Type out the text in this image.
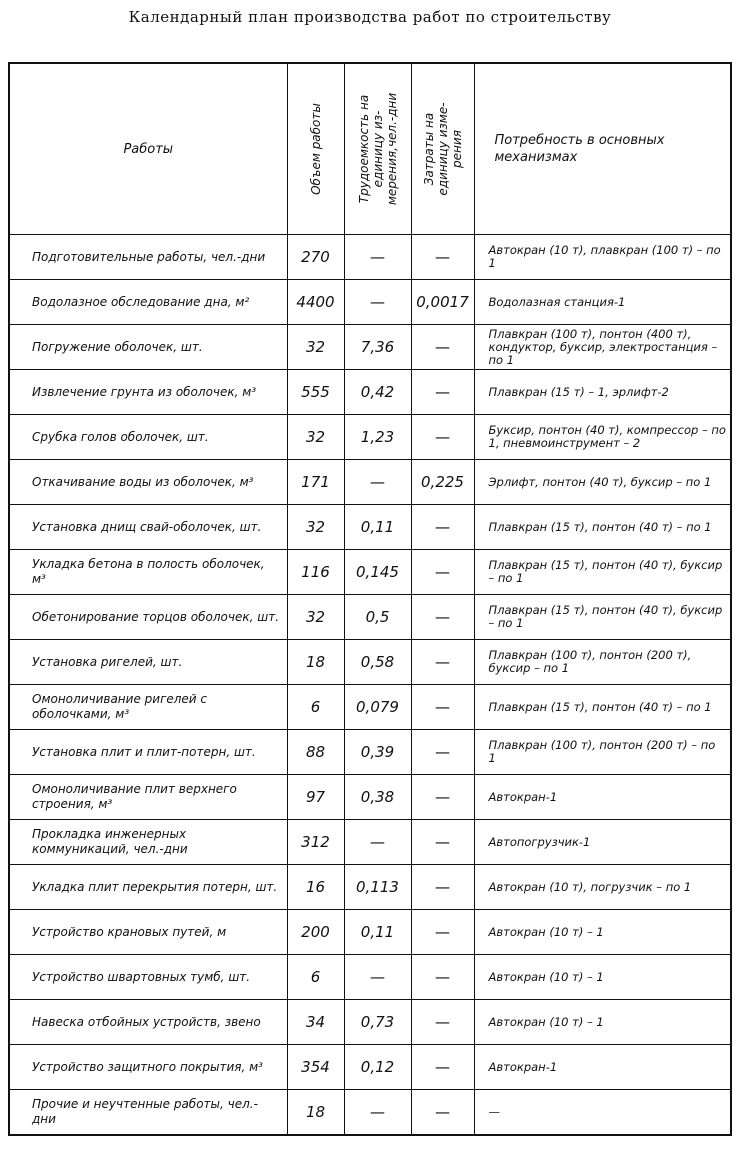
Календарный план производства работ по строительству
Работы	Объем работы	Трудоемкость на единицу из-мерения,чел.-дни	Затраты на единицу изме-рения	Потребность в основных механизмах
Подготовительные работы, чел.-дни	270	—	—	Автокран (10 т), плавкран (100 т) – по 1
Водолазное обследование дна, м²	4400	—	0,0017	Водолазная станция-1
Погружение оболочек, шт.	32	7,36	—	Плавкран (100 т), понтон (400 т), кондуктор, буксир, электростанция – по 1
Извлечение грунта из оболочек, м³	555	0,42	—	Плавкран (15 т) – 1, эрлифт-2
Срубка голов оболочек, шт.	32	1,23	—	Буксир, понтон (40 т), компрессор – по 1, пневмоинструмент – 2
Откачивание воды из оболочек, м³	171	—	0,225	Эрлифт, понтон (40 т), буксир – по 1
Установка днищ свай-оболочек, шт.	32	0,11	—	Плавкран (15 т), понтон (40 т) – по 1
Укладка бетона в полость оболочек, м³	116	0,145	—	Плавкран (15 т), понтон (40 т), буксир – по 1
Обетонирование торцов оболочек, шт.	32	0,5	—	Плавкран (15 т), понтон (40 т), буксир – по 1
Установка ригелей, шт.	18	0,58	—	Плавкран (100 т), понтон (200 т), буксир – по 1
Омоноличивание ригелей с оболочками, м³	6	0,079	—	Плавкран (15 т), понтон (40 т) – по 1
Установка плит и плит-потерн, шт.	88	0,39	—	Плавкран (100 т), понтон (200 т) – по 1
Омоноличивание плит верхнего строения, м³	97	0,38	—	Автокран-1
Прокладка инженерных коммуникаций, чел.-дни	312	—	—	Автопогрузчик-1
Укладка плит перекрытия потерн, шт.	16	0,113	—	Автокран (10 т), погрузчик – по 1
Устройство крановых путей, м	200	0,11	—	Автокран (10 т) – 1
Устройство швартовных тумб, шт.	6	—	—	Автокран (10 т) – 1
Навеска отбойных устройств, звено	34	0,73	—	Автокран (10 т) – 1
Устройство защитного покрытия, м³	354	0,12	—	Автокран-1
Прочие и неучтенные работы, чел.-дни	18	—	—	—
